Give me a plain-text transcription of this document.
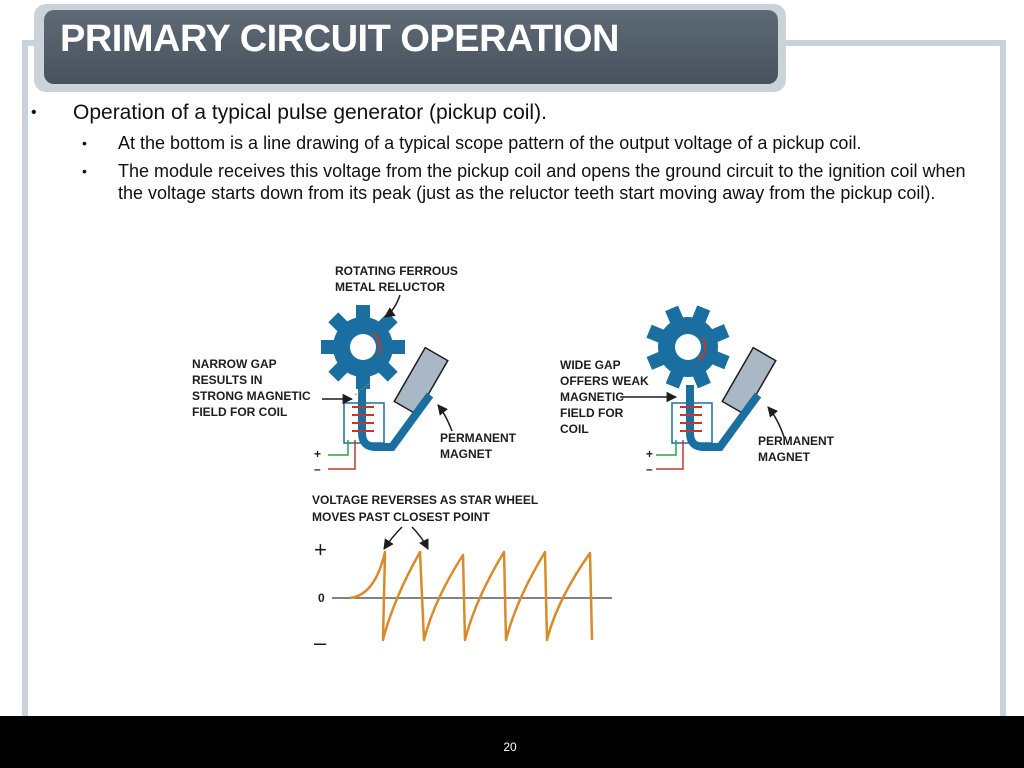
PRIMARY CIRCUIT OPERATION
• Operation of a typical pulse generator (pickup coil).
• At the bottom is a line drawing of a typical scope pattern of the output voltage of a pickup coil.
• The module receives this voltage from the pickup coil and opens the ground circuit to the ignition coil when the voltage starts down from its peak (just as the reluctor teeth start moving away from the pickup coil).
+
–
ROTATING FERROUS
METAL RELUCTOR
NARROW GAP
RESULTS IN
STRONG MAGNETIC
FIELD FOR COIL
PERMANENT
MAGNET	+
–
WIDE GAP
OFFERS WEAK
MAGNETIC
FIELD FOR
COIL
PERMANENT
MAGNET
VOLTAGE REVERSES AS STAR WHEEL
MOVES PAST CLOSEST POINT
+
0
–
20
